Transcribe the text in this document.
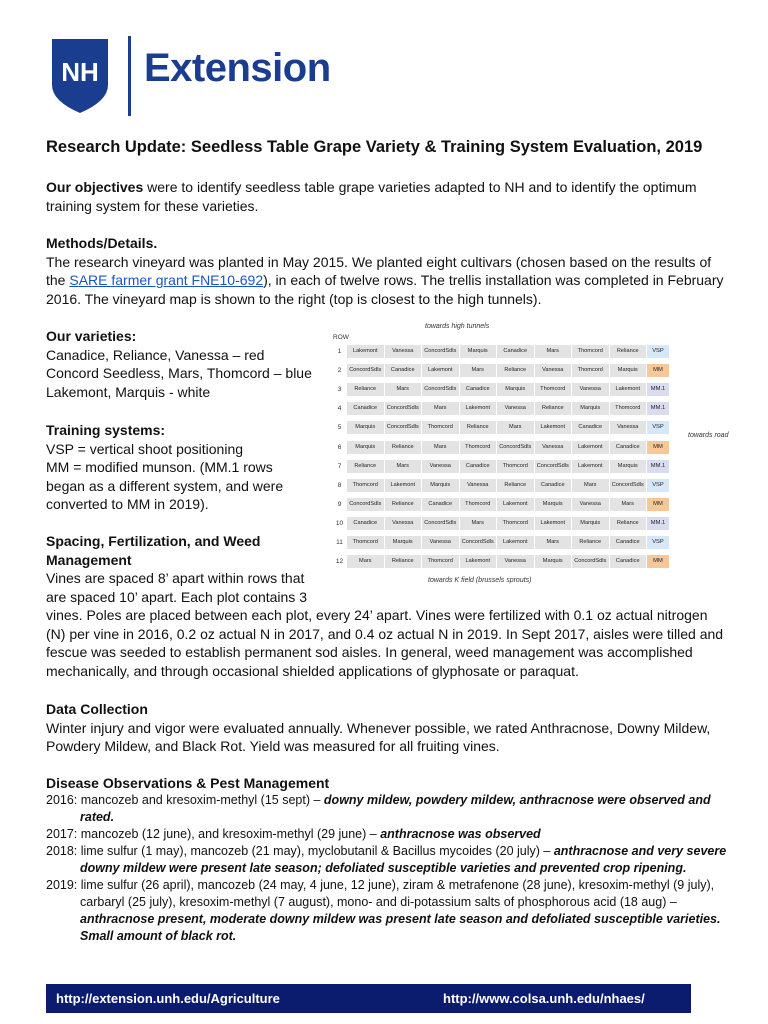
NH Extension
Research Update: Seedless Table Grape Variety & Training System Evaluation, 2019
Our objectives were to identify seedless table grape varieties adapted to NH and to identify the optimum training system for these varieties.
Methods/Details.
The research vineyard was planted in May 2015. We planted eight cultivars (chosen based on the results of the SARE farmer grant FNE10-692), in each of twelve rows. The trellis installation was completed in February 2016. The vineyard map is shown to the right (top is closest to the high tunnels).
Our varieties:
Canadice, Reliance, Vanessa – red
Concord Seedless, Mars, Thomcord – blue
Lakemont, Marquis - white
Training systems:
VSP = vertical shoot positioning
MM = modified munson. (MM.1 rows began as a different system, and were converted to MM in 2019).
Spacing, Fertilization, and Weed Management
Vines are spaced 8’ apart within rows that are spaced 10’ apart. Each plot contains 3
vines. Poles are placed between each plot, every 24’ apart. Vines were fertilized with 0.1 oz actual nitrogen (N) per vine in 2016, 0.2 oz actual N in 2017, and 0.4 oz actual N in 2019. In Sept 2017, aisles were tilled and fescue was seeded to establish permanent sod aisles. In general, weed management was accomplished mechanically, and through occasional shielded applications of glyphosate or paraquat.
towards high tunnels
ROW
towards road
1	Lakemont	Vanessa	ConcordSdls	Marquis	Canadice	Mars	Thomcord	Reliance	VSP
2	ConcordSdls	Canadice	Lakemont	Mars	Reliance	Vanessa	Thomcord	Marquis	MM
3	Reliance	Mars	ConcordSdls	Canadice	Marquis	Thomcord	Vanessa	Lakemont	MM.1
4	Canadice	ConcordSdls	Mars	Lakemont	Vanessa	Reliance	Marquis	Thomcord	MM.1
5	Marquis	ConcordSdls	Thomcord	Reliance	Mars	Lakemont	Canadice	Vanessa	VSP
6	Marquis	Reliance	Mars	Thomcord	ConcordSdls	Vanessa	Lakemont	Canadice	MM
7	Reliance	Mars	Vanessa	Canadice	Thomcord	ConcordSdls	Lakemont	Marquis	MM.1
8	Thomcord	Lakemont	Marquis	Vanessa	Reliance	Canadice	Mars	ConcordSdls	VSP
9	ConcordSdls	Reliance	Canadice	Thomcord	Lakemont	Marquis	Vanessa	Mars	MM
10	Canadice	Vanessa	ConcordSdls	Mars	Thomcord	Lakemont	Marquis	Reliance	MM.1
11	Thomcord	Marquis	Vanessa	ConcordSdls	Lakemont	Mars	Reliance	Canadice	VSP
12	Mars	Reliance	Thomcord	Lakemont	Vanessa	Marquis	ConcordSdls	Canadice	MM
towards K field (brussels sprouts)
Data Collection
Winter injury and vigor were evaluated annually. Whenever possible, we rated Anthracnose, Downy Mildew, Powdery Mildew, and Black Rot. Yield was measured for all fruiting vines.
Disease Observations & Pest Management
2016: mancozeb and kresoxim-methyl (15 sept) – downy mildew, powdery mildew, anthracnose were observed and rated.
2017: mancozeb (12 june), and kresoxim-methyl (29 june) – anthracnose was observed
2018: lime sulfur (1 may), mancozeb (21 may), myclobutanil & Bacillus mycoides (20 july) – anthracnose and very severe downy mildew were present late season; defoliated susceptible varieties and prevented crop ripening.
2019: lime sulfur (26 april), mancozeb (24 may, 4 june, 12 june), ziram & metrafenone (28 june), kresoxim-methyl (9 july), carbaryl (25 july), kresoxim-methyl (7 august), mono- and di-potassium salts of phosphorous acid (18 aug) – anthracnose present, moderate downy mildew was present late season and defoliated susceptible varieties. Small amount of black rot.
http://extension.unh.edu/Agriculture	http://www.colsa.unh.edu/nhaes/
